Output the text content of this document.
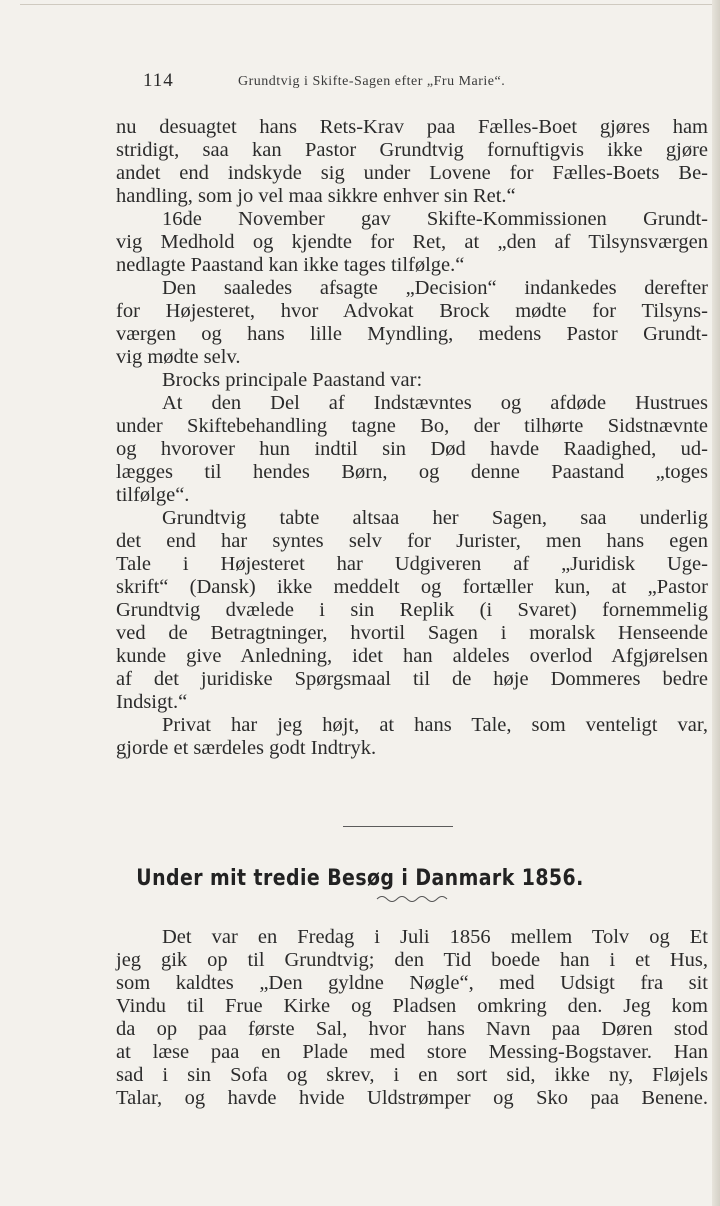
114	Grundtvig i Skifte-Sagen efter „Fru Marie“.
nu desuagtet hans Rets-Krav paa Fælles-Boet gjøres ham
stridigt, saa kan Pastor Grundtvig fornuftigvis ikke gjøre
andet end indskyde sig under Lovene for Fælles-Boets Be-
handling, som jo vel maa sikkre enhver sin Ret.“
16de November gav Skifte-Kommissionen Grundt-
vig Medhold og kjendte for Ret, at „den af Tilsynsværgen
nedlagte Paastand kan ikke tages tilfølge.“
Den saaledes afsagte „Decision“ indankedes derefter
for Højesteret, hvor Advokat Brock mødte for Tilsyns-
værgen og hans lille Myndling, medens Pastor Grundt-
vig mødte selv.
Brocks principale Paastand var:
At den Del af Indstævntes og afdøde Hustrues
under Skiftebehandling tagne Bo, der tilhørte Sidstnævnte
og hvorover hun indtil sin Død havde Raadighed, ud-
lægges til hendes Børn, og denne Paastand „toges
tilfølge“.
Grundtvig tabte altsaa her Sagen, saa underlig
det end har syntes selv for Jurister, men hans egen
Tale i Højesteret har Udgiveren af „Juridisk Uge-
skrift“ (Dansk) ikke meddelt og fortæller kun, at „Pastor
Grundtvig dvælede i sin Replik (i Svaret) fornemmelig
ved de Betragtninger, hvortil Sagen i moralsk Henseende
kunde give Anledning, idet han aldeles overlod Afgjørelsen
af det juridiske Spørgsmaal til de høje Dommeres bedre
Indsigt.“
Privat har jeg højt, at hans Tale, som venteligt var,
gjorde et særdeles godt Indtryk.
Under mit tredie Besøg i Danmark 1856.
Det var en Fredag i Juli 1856 mellem Tolv og Et
jeg gik op til Grundtvig; den Tid boede han i et Hus,
som kaldtes „Den gyldne Nøgle“, med Udsigt fra sit
Vindu til Frue Kirke og Pladsen omkring den. Jeg kom
da op paa første Sal, hvor hans Navn paa Døren stod
at læse paa en Plade med store Messing-Bogstaver. Han
sad i sin Sofa og skrev, i en sort sid, ikke ny, Fløjels
Talar, og havde hvide Uldstrømper og Sko paa Benene.
